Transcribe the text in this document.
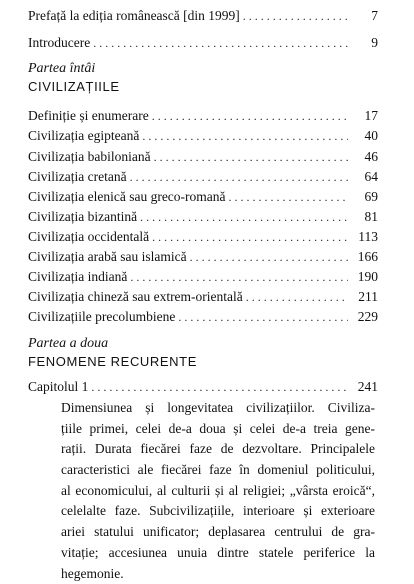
Prefață la ediția românească [din 1999] . . .	7
Introducere . . .	9
Partea întâi
CIVILIZAȚIILE
Definiție și enumerare . . .	17
Civilizația egipteană . . .	40
Civilizația babiloniană . . .	46
Civilizația cretană . . .	64
Civilizația elenică sau greco-romană . . .	69
Civilizația bizantină . . .	81
Civilizația occidentală . . .	113
Civilizația arabă sau islamică . . .	166
Civilizația indiană . . .	190
Civilizația chineză sau extrem-orientală . . .	211
Civilizațiile precolumbiene . . .	229
Partea a doua
FENOMENE RECURENTE
Capitolul 1 . . .	241
Dimensiunea și longevitatea civilizațiilor. Civiliza-
țiile primei, celei de-a doua și celei de-a treia gene-
rații. Durata fiecărei faze de dezvoltare. Principalele
caracteristici ale fiecărei faze în domeniul politicului,
al economicului, al culturii și al religiei; „vârsta eroică“,
celelalte faze. Subcivilizațiile, interioare și exterioare
ariei statului unificator; deplasarea centrului de gra-
vitație; accesiunea unuia dintre statele periferice la
hegemonie.
